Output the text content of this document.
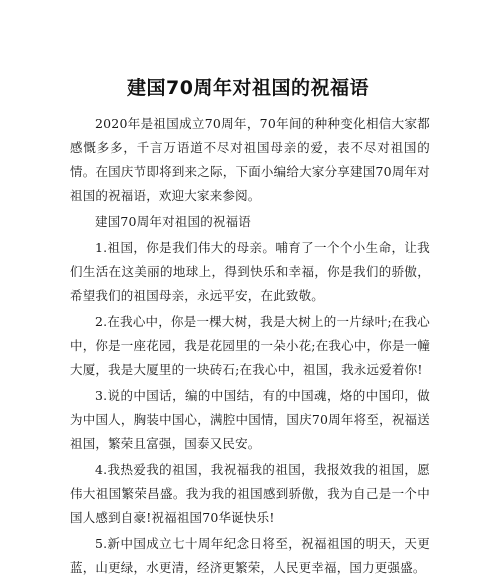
建国70周年对祖国的祝福语

2020年是祖国成立70周年，70年间的种种变化相信大家都感慨多多，千言万语道不尽对祖国母亲的爱，表不尽对祖国的情。在国庆节即将到来之际，下面小编给大家分享建国70周年对祖国的祝福语，欢迎大家来参阅。

建国70周年对祖国的祝福语

1.祖国，你是我们伟大的母亲。哺育了一个个小生命，让我们生活在这美丽的地球上，得到快乐和幸福，你是我们的骄傲，希望我们的祖国母亲，永远平安，在此致敬。

2.在我心中，你是一棵大树，我是大树上的一片绿叶;在我心中，你是一座花园，我是花园里的一朵小花;在我心中，你是一幢大厦，我是大厦里的一块砖石;在我心中，祖国，我永远爱着你!

3.说的中国话，编的中国结，有的中国魂，烙的中国印，做为中国人，胸装中国心，满腔中国情，国庆70周年将至，祝福送祖国，繁荣且富强，国泰又民安。

4.我热爱我的祖国，我祝福我的祖国，我报效我的祖国，愿伟大祖国繁荣昌盛。我为我的祖国感到骄傲，我为自己是一个中国人感到自豪!祝福祖国70华诞快乐!

5.新中国成立七十周年纪念日将至，祝福祖国的明天，天更蓝，山更绿，水更清，经济更繁荣，人民更幸福，国力更强盛。
